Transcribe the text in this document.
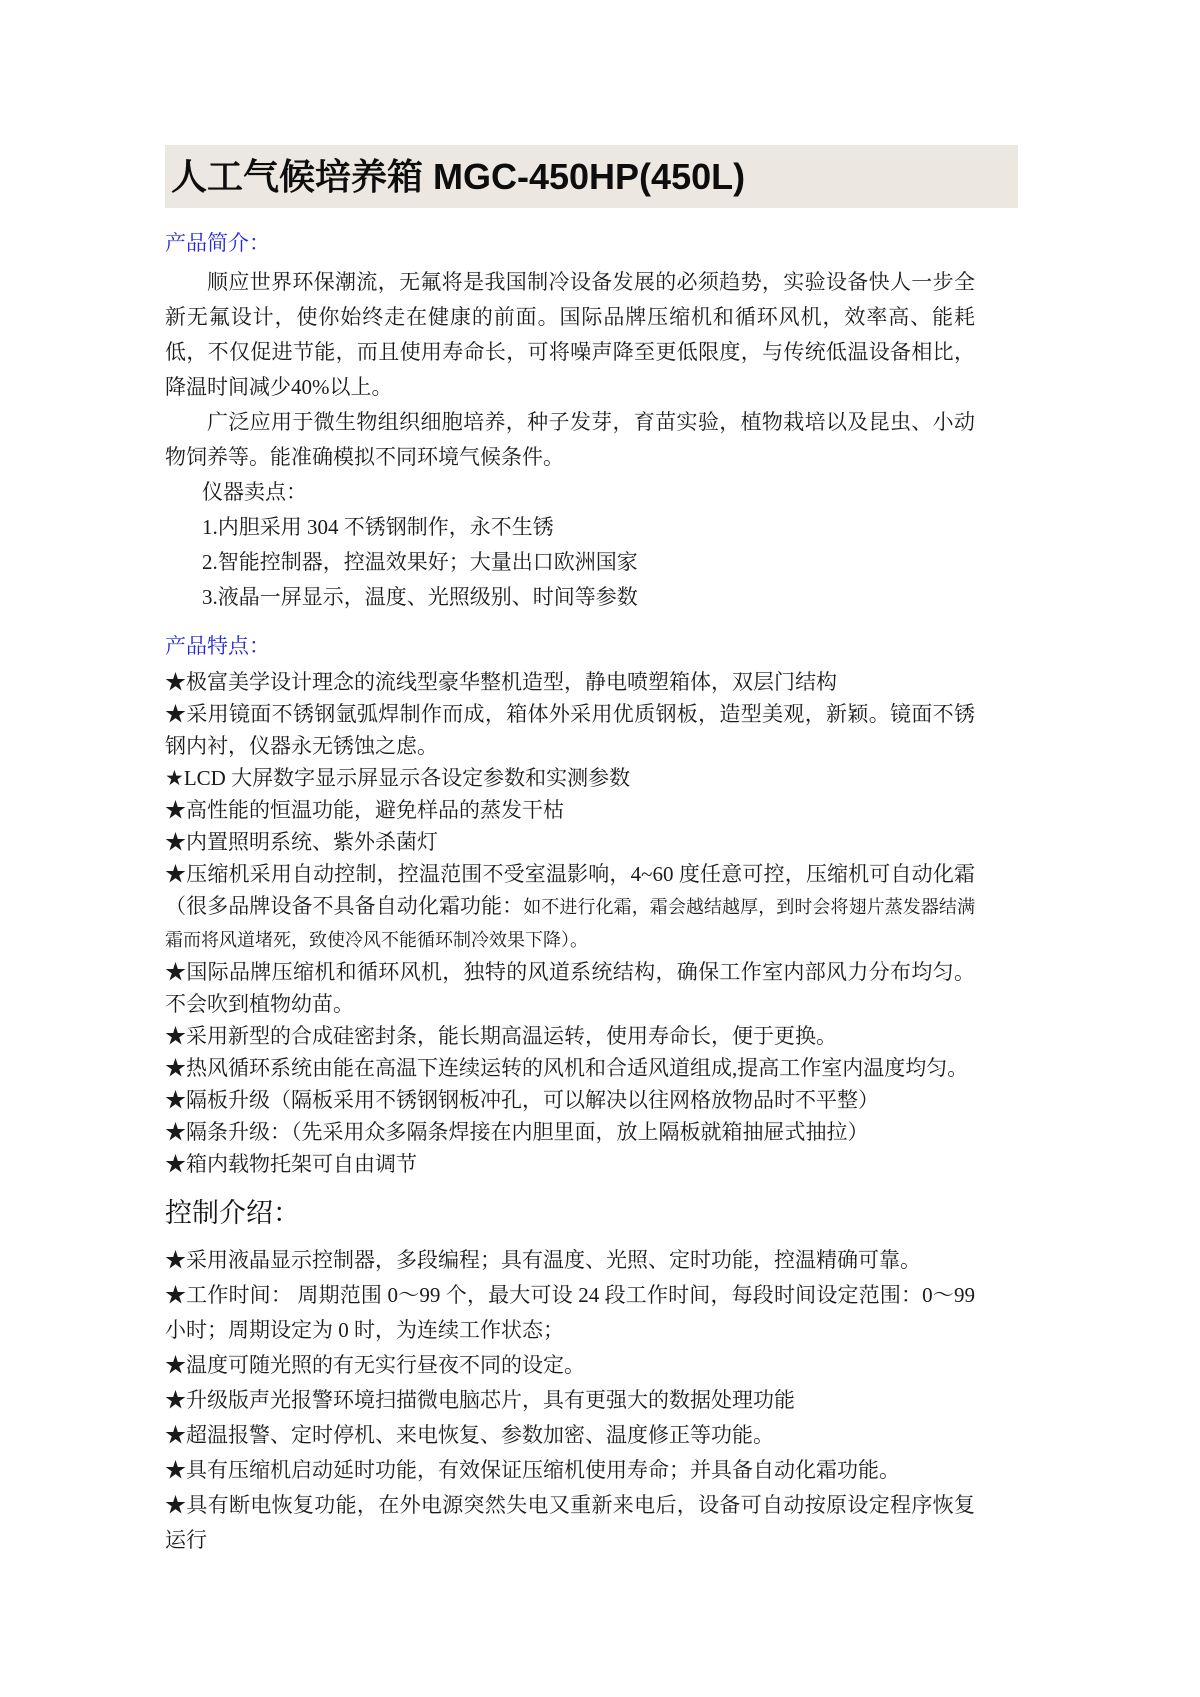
人工气候培养箱 MGC-450HP(450L)
产品简介：

顺应世界环保潮流，无氟将是我国制冷设备发展的必须趋势，实验设备快人一步全新无氟设计，使你始终走在健康的前面。国际品牌压缩机和循环风机，效率高、能耗低，不仅促进节能，而且使用寿命长，可将噪声降至更低限度，与传统低温设备相比，降温时间减少40%以上。

广泛应用于微生物组织细胞培养，种子发芽，育苗实验，植物栽培以及昆虫、小动物饲养等。能准确模拟不同环境气候条件。

仪器卖点：

1.内胆采用 304 不锈钢制作，永不生锈

2.智能控制器，控温效果好；大量出口欧洲国家

3.液晶一屏显示，温度、光照级别、时间等参数

产品特点：

★极富美学设计理念的流线型豪华整机造型，静电喷塑箱体，双层门结构

★采用镜面不锈钢氩弧焊制作而成，箱体外采用优质钢板，造型美观，新颖。镜面不锈钢内衬，仪器永无锈蚀之虑。

★LCD 大屏数字显示屏显示各设定参数和实测参数

★高性能的恒温功能，避免样品的蒸发干枯

★内置照明系统、紫外杀菌灯

★压缩机采用自动控制，控温范围不受室温影响，4~60 度任意可控，压缩机可自动化霜（很多品牌设备不具备自动化霜功能：如不进行化霜，霜会越结越厚，到时会将翅片蒸发器结满霜而将风道堵死，致使冷风不能循环制冷效果下降）。

★国际品牌压缩机和循环风机，独特的风道系统结构，确保工作室内部风力分布均匀。不会吹到植物幼苗。

★采用新型的合成硅密封条，能长期高温运转，使用寿命长，便于更换。

★热风循环系统由能在高温下连续运转的风机和合适风道组成,提高工作室内温度均匀。

★隔板升级（隔板采用不锈钢钢板冲孔，可以解决以往网格放物品时不平整）

★隔条升级：（先采用众多隔条焊接在内胆里面，放上隔板就箱抽屉式抽拉）

★箱内载物托架可自由调节

控制介绍：

★采用液晶显示控制器，多段编程；具有温度、光照、定时功能，控温精确可靠。

★工作时间： 周期范围 0～99 个，最大可设 24 段工作时间，每段时间设定范围：0～99 小时；周期设定为 0 时，为连续工作状态；

★温度可随光照的有无实行昼夜不同的设定。

★升级版声光报警环境扫描微电脑芯片，具有更强大的数据处理功能

★超温报警、定时停机、来电恢复、参数加密、温度修正等功能。

★具有压缩机启动延时功能，有效保证压缩机使用寿命；并具备自动化霜功能。

★具有断电恢复功能，在外电源突然失电又重新来电后，设备可自动按原设定程序恢复运行
